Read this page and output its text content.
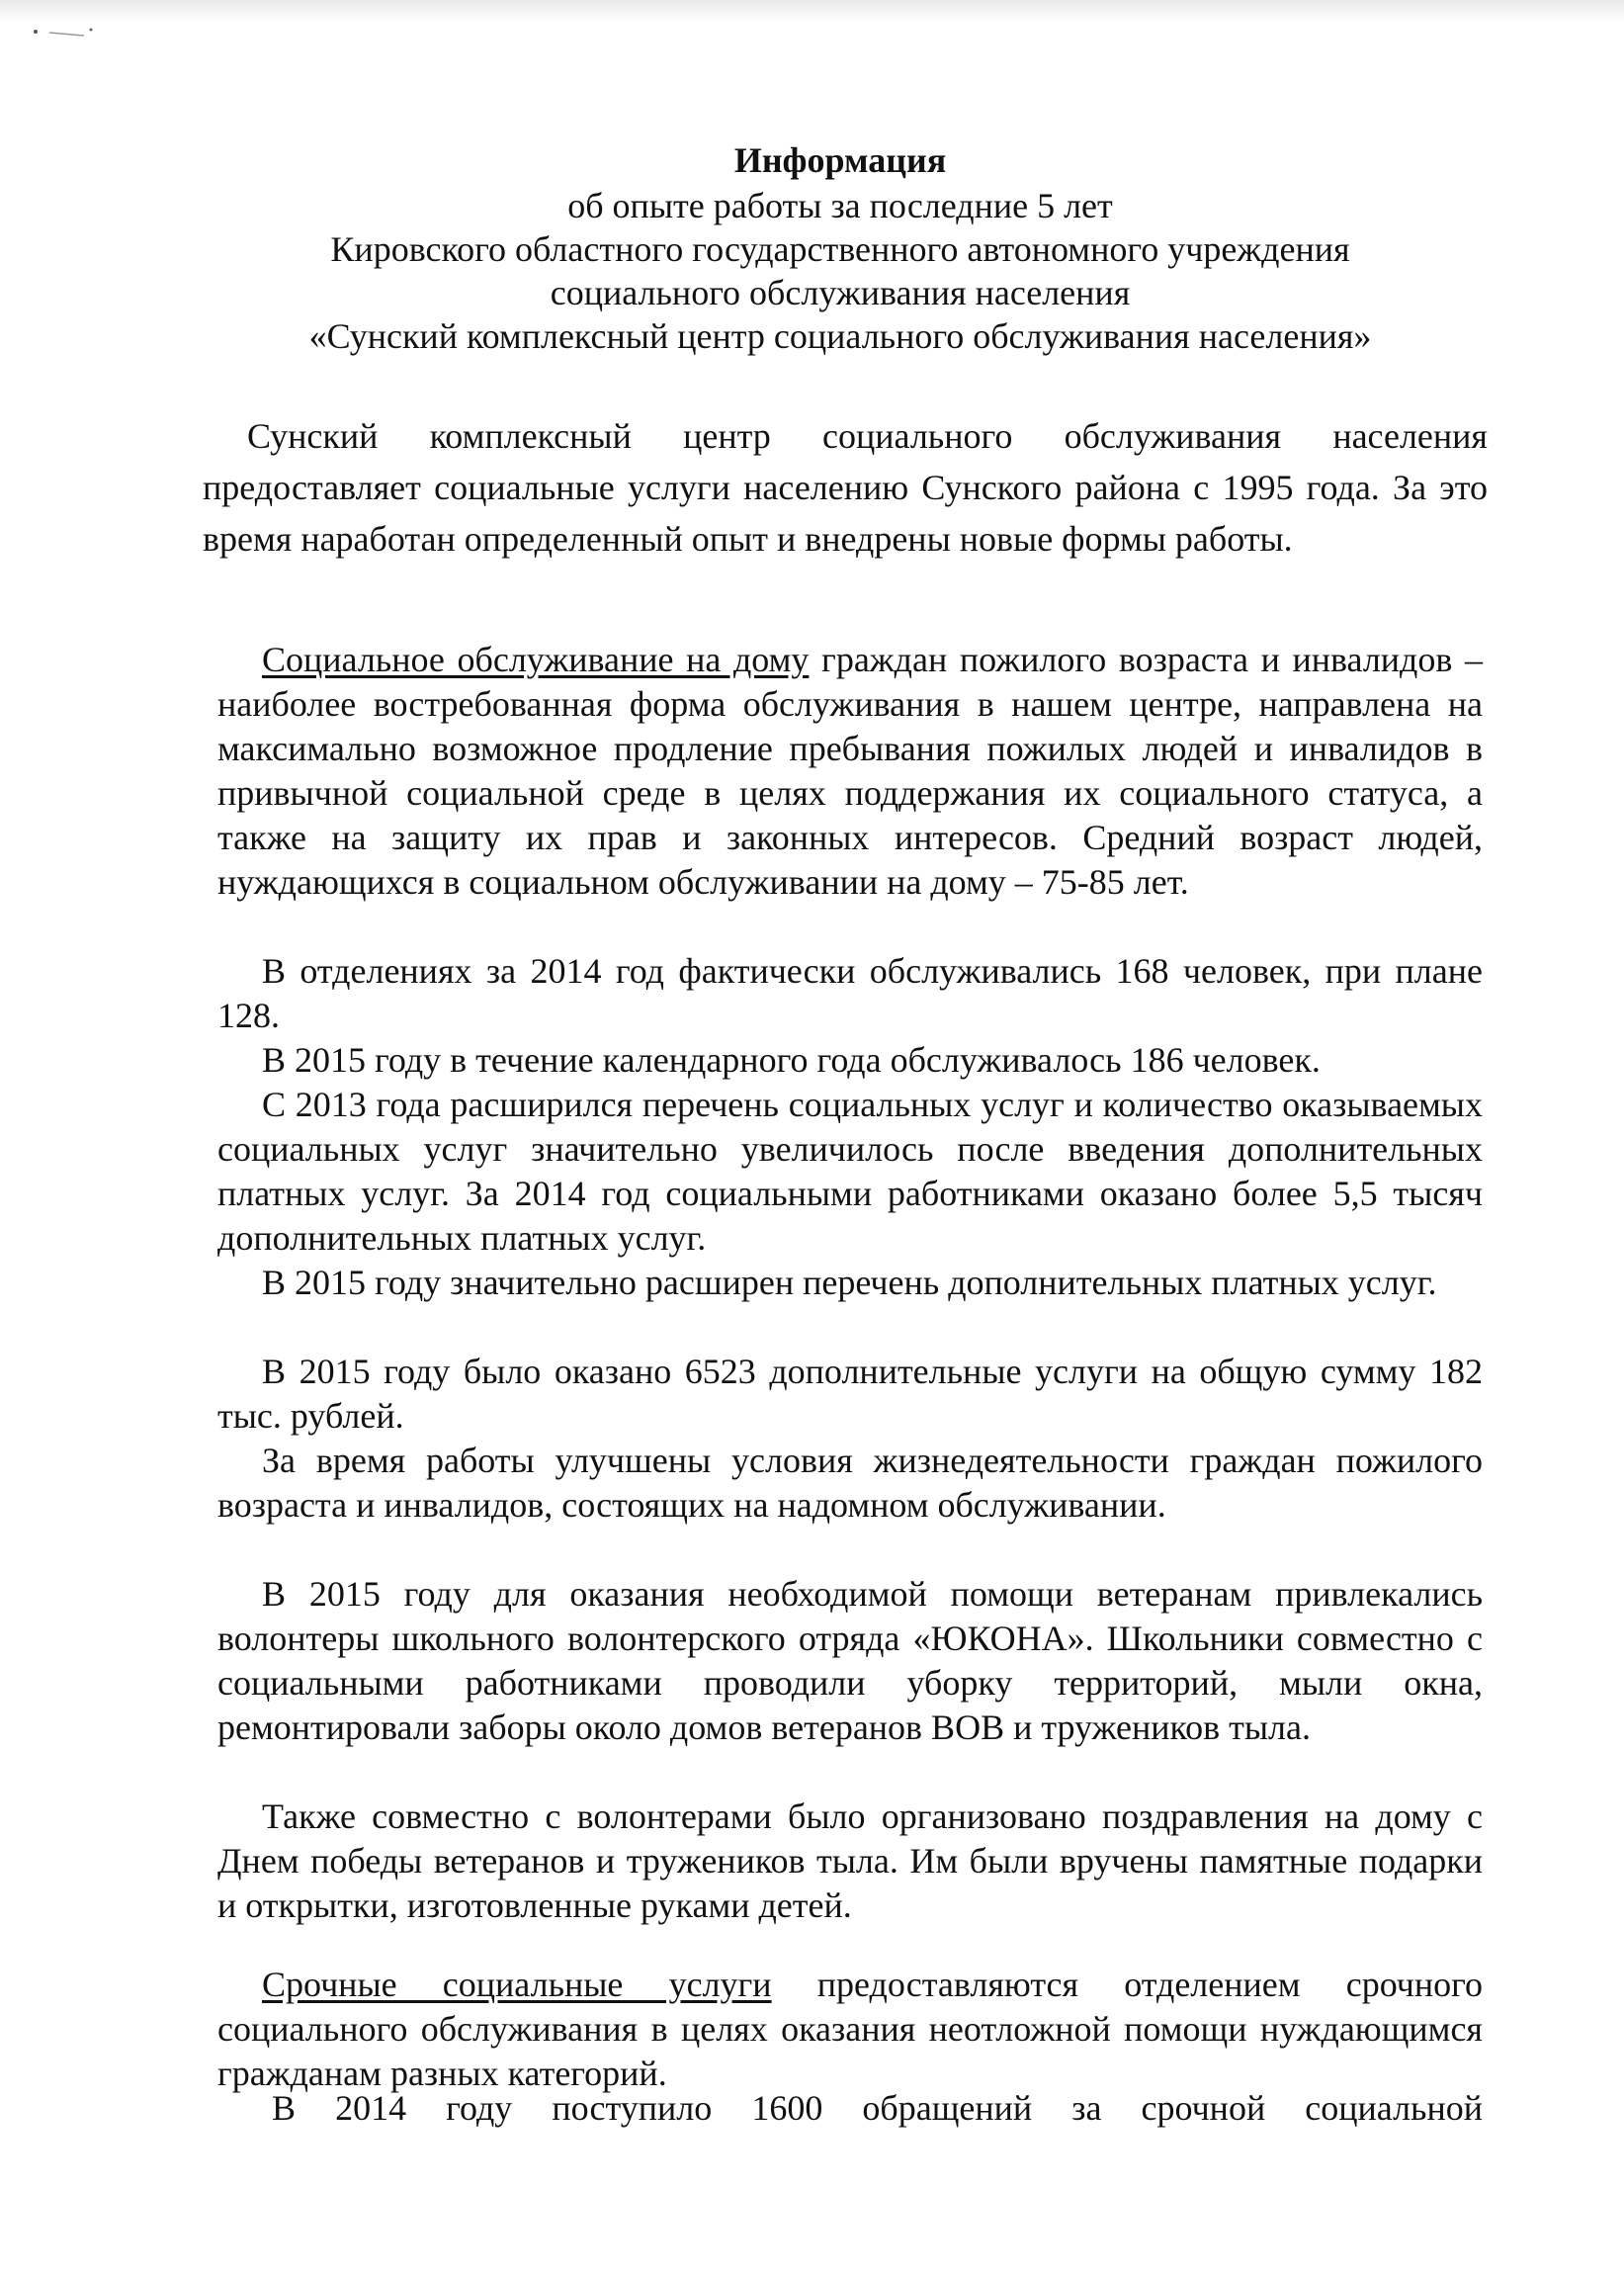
Информация
об опыте работы за последние 5 лет
Кировского областного государственного автономного учреждения
социального обслуживания населения
«Сунский комплексный центр социального обслуживания населения»

Сунский комплексный центр социального обслуживания населения предоставляет социальные услуги населению Сунского района с 1995 года. За это время наработан определенный опыт и внедрены новые формы работы.

Социальное обслуживание на дому граждан пожилого возраста и инвалидов – наиболее востребованная форма обслуживания в нашем центре, направлена на максимально возможное продление пребывания пожилых людей и инвалидов в привычной социальной среде в целях поддержания их социального статуса, а также на защиту их прав и законных интересов. Средний возраст людей, нуждающихся в социальном обслуживании на дому – 75-85 лет.

В отделениях за 2014 год фактически обслуживались 168 человек, при плане 128.

В 2015 году в течение календарного года обслуживалось 186 человек.

С 2013 года расширился перечень социальных услуг и количество оказываемых социальных услуг значительно увеличилось после введения дополнительных платных услуг. За 2014 год социальными работниками оказано более 5,5 тысяч дополнительных платных услуг.

В 2015 году значительно расширен перечень дополнительных платных услуг.

В 2015 году было оказано 6523 дополнительные услуги на общую сумму 182 тыс. рублей.

За время работы улучшены условия жизнедеятельности граждан пожилого возраста и инвалидов, состоящих на надомном обслуживании.

В 2015 году для оказания необходимой помощи ветеранам привлекались волонтеры школьного волонтерского отряда «ЮКОНА». Школьники совместно с социальными работниками проводили уборку территорий, мыли окна, ремонтировали заборы около домов ветеранов ВОВ и тружеников тыла.

Также совместно с волонтерами было организовано поздравления на дому с Днем победы ветеранов и тружеников тыла. Им были вручены памятные подарки и открытки, изготовленные руками детей.

Срочные социальные услуги предоставляются отделением срочного социального обслуживания в целях оказания неотложной помощи нуждающимся гражданам разных категорий.

В 2014 году поступило 1600 обращений за срочной социальной
